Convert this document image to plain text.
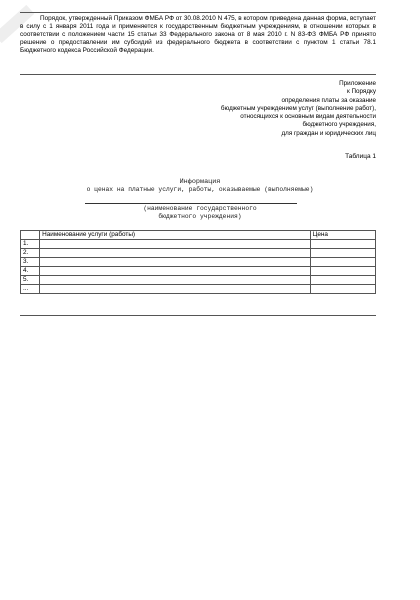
Порядок, утвержденный Приказом ФМБА РФ от 30.08.2010 N 475, в котором приведена данная форма, вступает в силу с 1 января 2011 года и применяется к государственным бюджетным учреждениям, в отношении которых в соответствии с положением части 15 статьи 33 Федерального закона от 8 мая 2010 г. N 83-ФЗ ФМБА РФ принято решение о предоставлении им субсидий из федерального бюджета в соответствии с пунктом 1 статьи 78.1 Бюджетного кодекса Российской Федерации.
Приложение
к Порядку
определения платы за оказание
бюджетным учреждением услуг (выполнение работ),
относящихся к основным видам деятельности
бюджетного учреждения,
для граждан и юридических лиц
Таблица 1
Информация
о ценах на платные услуги, работы, оказываемые (выполняемые)
(наименование государственного
бюджетного учреждения)
	Наименование услуги (работы)	Цена
1.		
2.		
3.		
4.		
5.		
...		
